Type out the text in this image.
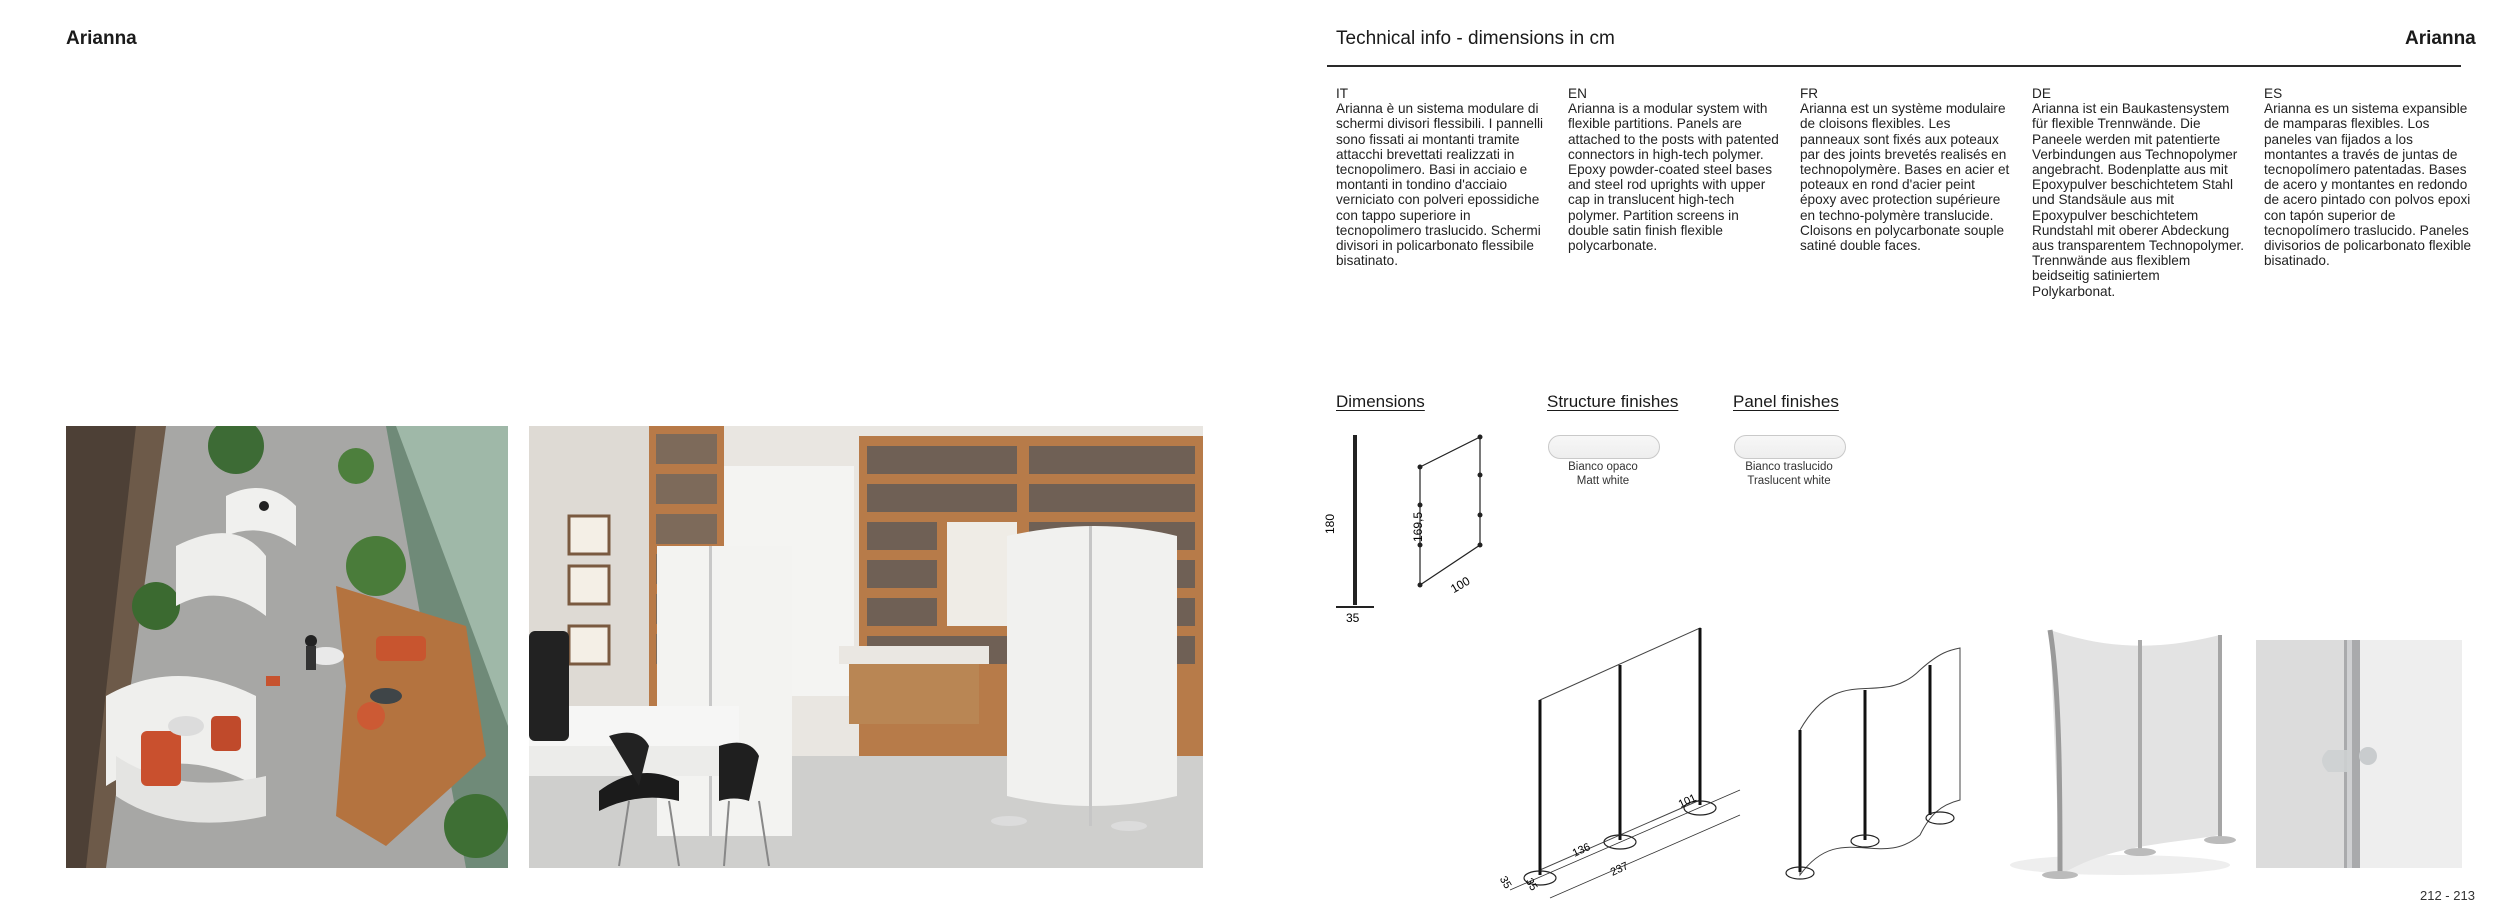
Arianna	Technical info - dimensions in cm	Arianna
IT
Arianna è un sistema modulare di schermi divisori flessibili. I pannelli sono fissati ai montanti tramite attacchi brevettati realizzati in tecnopolimero. Basi in acciaio e montanti in tondino d'acciaio verniciato con polveri epossidiche con tappo superiore in tecnopolimero traslucido. Schermi divisori in policarbonato flessibile bisatinato.
EN
Arianna is a modular system with flexible partitions. Panels are attached to the posts with patented connectors in high-tech polymer. Epoxy powder-coated steel bases and steel rod uprights with upper cap in translucent high-tech polymer. Partition screens in double satin finish flexible polycarbonate.
FR
Arianna est un système modulaire de cloisons flexibles. Les panneaux sont fixés aux poteaux par des joints brevetés realisés en technopolymère. Bases en acier et poteaux en rond d'acier peint époxy avec protection supérieure en techno-polymère translucide. Cloisons en polycarbonate souple satiné double faces.
DE
Arianna ist ein Baukastensystem für flexible Trennwände. Die Paneele werden mit patentierte Verbindungen aus Technopolymer angebracht. Bodenplatte aus mit Epoxypulver beschichtetem Stahl und Standsäule aus mit Epoxypulver beschichtetem Rundstahl mit oberer Abdeckung aus transparentem Technopolymer. Trennwände aus flexiblem beidseitig satiniertem Polykarbonat.
ES
Arianna es un sistema expansible de mamparas flexibles. Los paneles van fijados a los montantes a través de juntas de tecnopolímero patentadas. Bases de acero y montantes en redondo de acero pintado con polvos epoxi con tapón superior de tecnopolímero traslucido. Paneles divisorios de policarbonato flexible bisatinado.
Dimensions	Structure finishes	Panel finishes
Bianco opaco
Matt white
Bianco traslucido
Traslucent white
180
35
169,5
100
35 35
136
237
101
212 - 213
